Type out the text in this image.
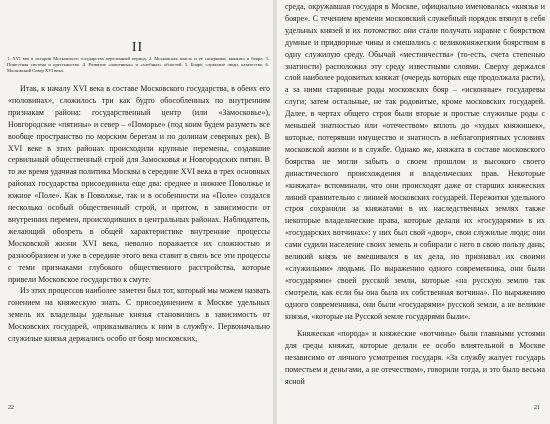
II
1. XVI век в истории Московского государства переломный период. 2. Московская власть и ее соперники, княжата и бояре; 3. Поместная система и крестьянство. 4. Развитие «пашенных» и «хлебных» областей. 5. Бояре, служилые люди, казачество. 6. Московский Север XVI века.

Итак, к началу XVI века в составе Московского государства, в обеих его «половинах», сложилось три как будто обособленных по внутренним признакам района: государственный центр (или «Замосковье»), Новгородские «пятины» и север – «Поморье» (под коим будем разуметь все вообще пространство по морским берегам и по долинам северных рек). В XVI веке в этих районах происходили крупные перемены, создавшие сервильный общественный строй для Замосковья и Новгородских пятин. В то же время удачная политика Москвы в середине XVI века в трех основных районах государства присоединила еще два: среднее и нижнее Поволжье и южное «Поле». Как в Поволжье, так и в особенности на «Поле» создался несколько особый общественный строй, и притом, в зависимости от внутренних перемен, происходивших в центральных районах. Наблюдатель, желающий обозреть в общей характеристике внутренние процессы Московской жизни XVI века, неволно поражается их сложностью и разнообразием и уже в середине этого века ставит в связь все эти процессы с теми признаками глубокого общественного расстройства, которые привели Московское государство к смуте.

Из этих процессов наиболее заметен был тот, который мы можем назвать гонением на княжескую знать. С присоединением к Москве удельных земель их владельцы удельные князья становились в зависимость от Московских государей, «приказывались к ним в службу». Первоначально служилые князья держались особо от бояр московских,

22

среда, окружавшая государя в Москве, официально именовалась «князья и бояре». С течением времени московский служебный порядок втянул в себя удельных князей и их потомство: они стали получать наравне с боярством думные и придворные чины и смешались с великокняжеским боярством в одну служилую среду. Обычай «местничества» (то-есть, счета степенью знатности) расположил эту среду известными слоями. Сверху держался слой наиболее родовитых княжат (очередь которых еще продолжала расти), а за ними старинные роды московских бояр – «исконные» государевы слуги; затем остальные, не так родовитые, кроме московских государей. Далее, в чертах общего строя были вторые и простые служилые роды с меньшей знатностью или «отечеством» вплоть до «худых княжишек», которые, потерявши имущество и знатность в неблагоприятных условиях московской жизни и в службе. Однако же, княжата в составе московского боярства не могли забыть о своем прошлом и высокого своего династического происхождения и владельческих прав. Некоторые «княжата» вспоминали, что они происходят даже от старших княжеских линий сравнительно с линией московских государей. Пережитки удельного строя сохранили за княжатами в их наследственных землях также некоторые владельческие права, которые делали их «государями» в их «государских вотчинах»: у них был свой «двор», свои служилые люди; они сами судили население своих земель и собирали с него в свою пользу дань; великий князь не вмешивался в их дела, но признавал их своими «служилыми» людьми. По выражению одного современника, они были «государями» своей русской земли, которые «на русскую землю так смотрели, как если бы она была их собственная вотчина». По выражению одного современника, они были «государями» русской земли, а не великие князья, «которые на Русской земле государями были».

Княжеская «порода» и княжеские «вотчины» были главными устоями для среды княжат, которые делали ее особо влиятельной в Москве независимо от личного усмотрения государя. «За службу жалует государь поместьем и деньгами, а не отечеством», говорили тогда, и это было весьма ясной

21
